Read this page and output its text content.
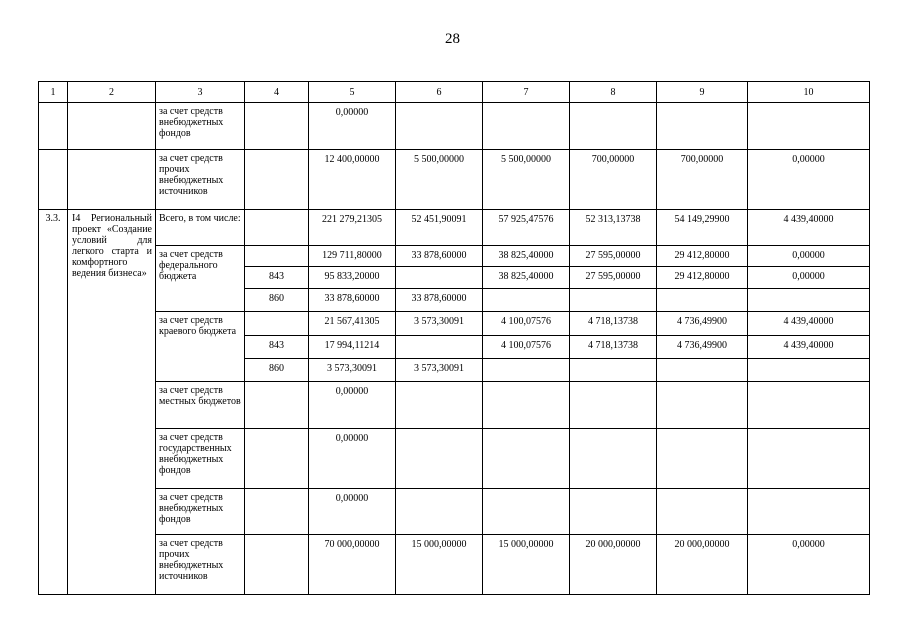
28
1	2	3	4	5	6	7	8	9	10
		за счет средств внебюджетных фондов		0,00000					
		за счет средств прочих внебюджетных источников		12 400,00000	5 500,00000	5 500,00000	700,00000	700,00000	0,00000
3.3.	I4 Региональный проект «Создание условий для легкого старта и комфортного ведения бизнеса»	Всего, в том числе:		221 279,21305	52 451,90091	57 925,47576	52 313,13738	54 149,29900	4 439,40000
		за счет средств федерального бюджета		129 711,80000	33 878,60000	38 825,40000	27 595,00000	29 412,80000	0,00000
			843	95 833,20000		38 825,40000	27 595,00000	29 412,80000	0,00000
			860	33 878,60000	33 878,60000				
		за счет средств краевого бюджета		21 567,41305	3 573,30091	4 100,07576	4 718,13738	4 736,49900	4 439,40000
			843	17 994,11214		4 100,07576	4 718,13738	4 736,49900	4 439,40000
			860	3 573,30091	3 573,30091				
		за счет средств местных бюджетов		0,00000					
		за счет средств государственных внебюджетных фондов		0,00000					
		за счет средств внебюджетных фондов		0,00000					
		за счет средств прочих внебюджетных источников		70 000,00000	15 000,00000	15 000,00000	20 000,00000	20 000,00000	0,00000
